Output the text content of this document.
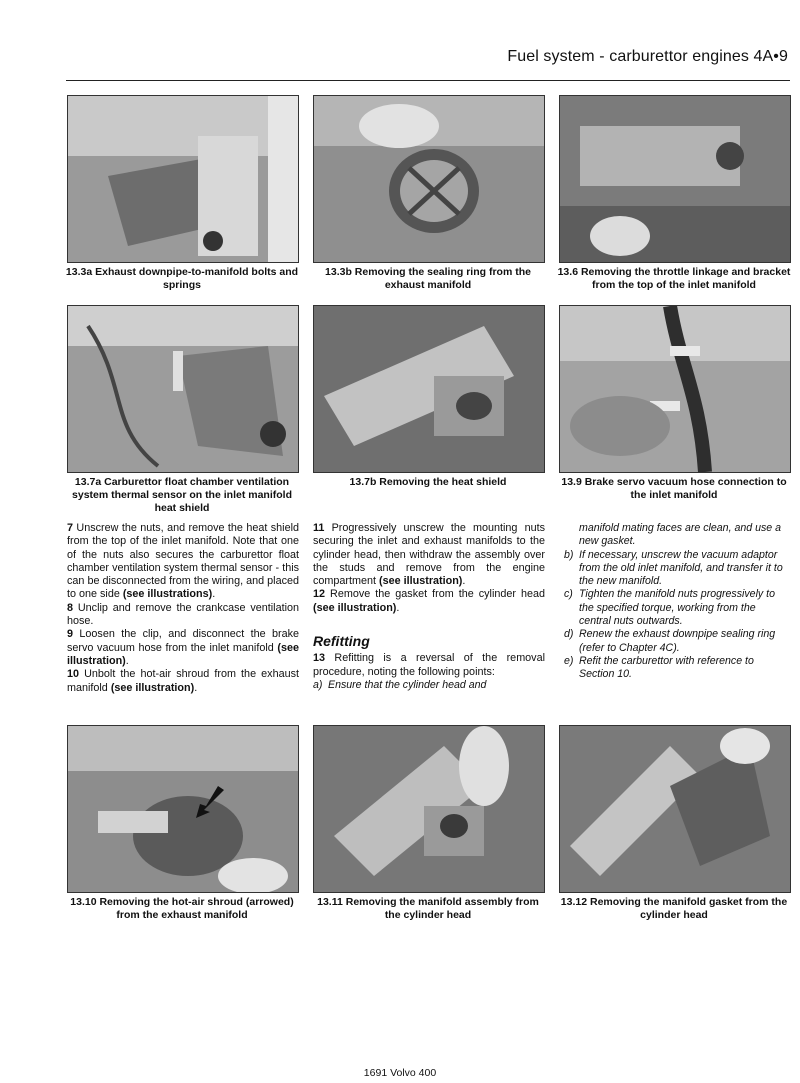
Fuel system - carburettor engines 4A•9
13.3a Exhaust downpipe-to-manifold bolts and springs
13.3b Removing the sealing ring from the exhaust manifold
13.6 Removing the throttle linkage and bracket from the top of the inlet manifold
13.7a Carburettor float chamber ventilation system thermal sensor on the inlet manifold heat shield
13.7b Removing the heat shield	13.9 Brake servo vacuum hose connection to the inlet manifold

7 Unscrew the nuts, and remove the heat shield from the top of the inlet manifold. Note that one of the nuts also secures the carburettor float chamber ventilation system thermal sensor - this can be disconnected from the wiring, and placed to one side (see illustrations).

8 Unclip and remove the crankcase ventilation hose.

9 Loosen the clip, and disconnect the brake servo vacuum hose from the inlet manifold (see illustration).

10 Unbolt the hot-air shroud from the exhaust manifold (see illustration).

11 Progressively unscrew the mounting nuts securing the inlet and exhaust manifolds to the cylinder head, then withdraw the assembly over the studs and remove from the engine compartment (see illustration).

12 Remove the gasket from the cylinder head (see illustration).

Refitting

13 Refitting is a reversal of the removal procedure, noting the following points:

a) Ensure that the cylinder head and
manifold mating faces are clean, and use a new gasket.
b) If necessary, unscrew the vacuum adaptor from the old inlet manifold, and transfer it to the new manifold.
c) Tighten the manifold nuts progressively to the specified torque, working from the central nuts outwards.
d) Renew the exhaust downpipe sealing ring (refer to Chapter 4C).
e) Refit the carburettor with reference to Section 10.
13.10 Removing the hot-air shroud (arrowed) from the exhaust manifold
13.11 Removing the manifold assembly from the cylinder head
13.12 Removing the manifold gasket from the cylinder head
1691 Volvo 400
